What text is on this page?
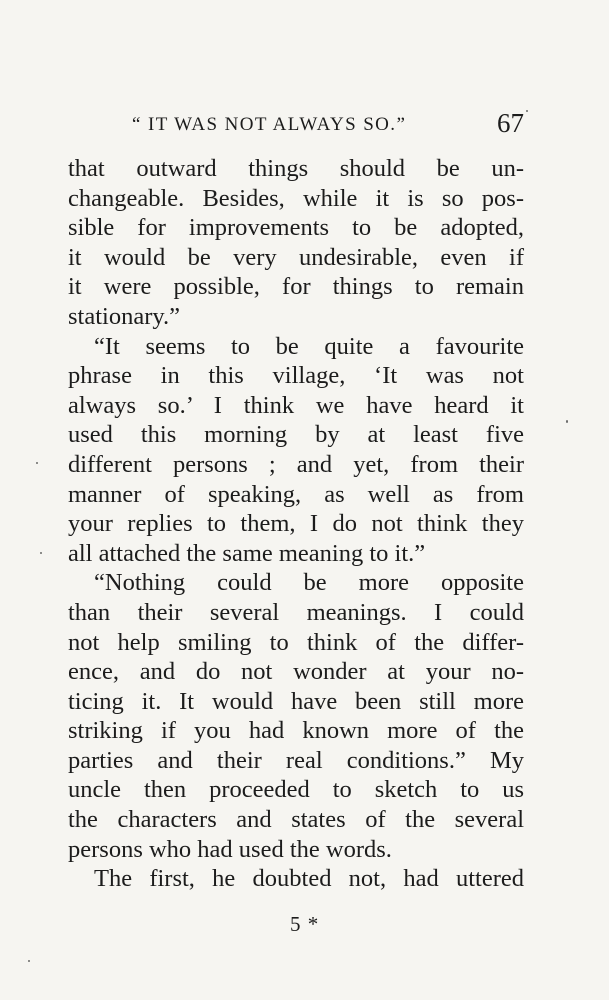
“ IT WAS NOT ALWAYS SO.”	67
that outward things should be un-
changeable. Besides, while it is so pos-
sible for improvements to be adopted,
it would be very undesirable, even if
it were possible, for things to remain
stationary.”
“It seems to be quite a favourite
phrase in this village, ‘It was not
always so.’ I think we have heard it
used this morning by at least five
different persons ; and yet, from their
manner of speaking, as well as from
your replies to them, I do not think they
all attached the same meaning to it.”
“Nothing could be more opposite
than their several meanings. I could
not help smiling to think of the differ-
ence, and do not wonder at your no-
ticing it. It would have been still more
striking if you had known more of the
parties and their real conditions.” My
uncle then proceeded to sketch to us
the characters and states of the several
persons who had used the words.
The first, he doubted not, had uttered
5 *
